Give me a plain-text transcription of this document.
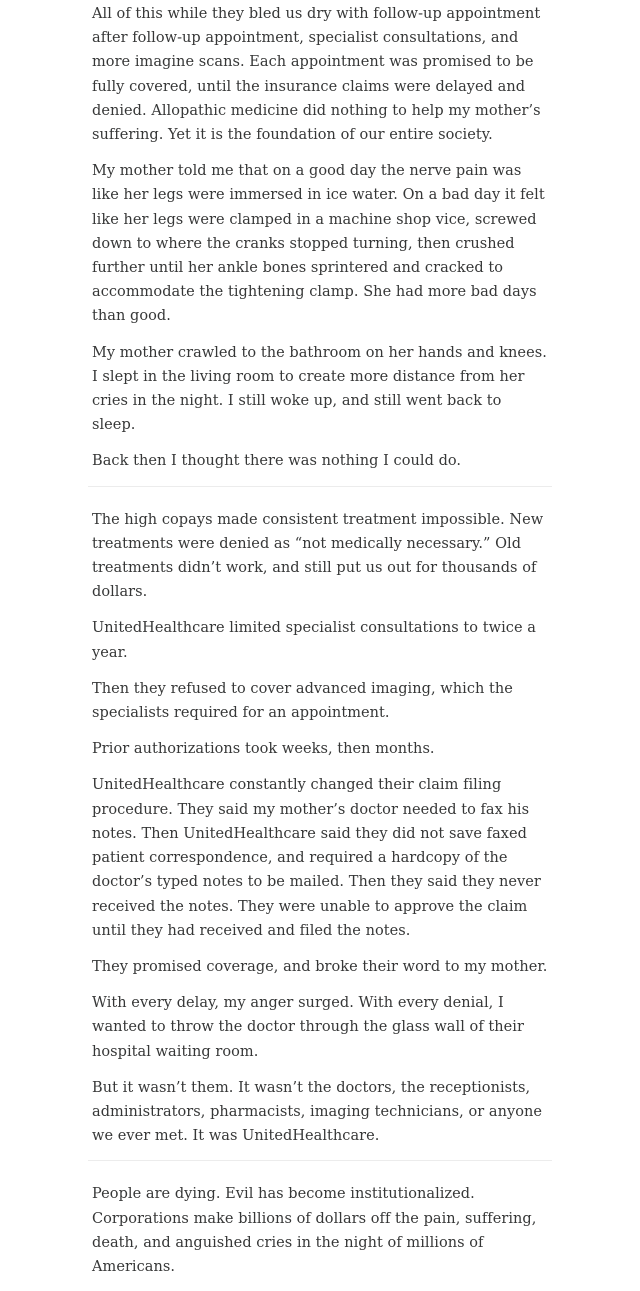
All of this while they bled us dry with follow-up appointment after follow-up appointment, specialist consultations, and more imagine scans. Each appointment was promised to be fully covered, until the insurance claims were delayed and denied. Allopathic medicine did nothing to help my mother’s suffering. Yet it is the foundation of our entire society.

My mother told me that on a good day the nerve pain was like her legs were immersed in ice water. On a bad day it felt like her legs were clamped in a machine shop vice, screwed down to where the cranks stopped turning, then crushed further until her ankle bones sprintered and cracked to accommodate the tightening clamp. She had more bad days than good.

My mother crawled to the bathroom on her hands and knees. I slept in the living room to create more distance from her cries in the night. I still woke up, and still went back to sleep.

Back then I thought there was nothing I could do.

The high copays made consistent treatment impossible. New treatments were denied as “not medically necessary.” Old treatments didn’t work, and still put us out for thousands of dollars.

UnitedHealthcare limited specialist consultations to twice a year.

Then they refused to cover advanced imaging, which the specialists required for an appointment.

Prior authorizations took weeks, then months.

UnitedHealthcare constantly changed their claim filing procedure. They said my mother’s doctor needed to fax his notes. Then UnitedHealthcare said they did not save faxed patient correspondence, and required a hardcopy of the doctor’s typed notes to be mailed. Then they said they never received the notes. They were unable to approve the claim until they had received and filed the notes.

They promised coverage, and broke their word to my mother.

With every delay, my anger surged. With every denial, I wanted to throw the doctor through the glass wall of their hospital waiting room.

But it wasn’t them. It wasn’t the doctors, the receptionists, administrators, pharmacists, imaging technicians, or anyone we ever met. It was UnitedHealthcare.

People are dying. Evil has become institutionalized. Corporations make billions of dollars off the pain, suffering, death, and anguished cries in the night of millions of Americans.
